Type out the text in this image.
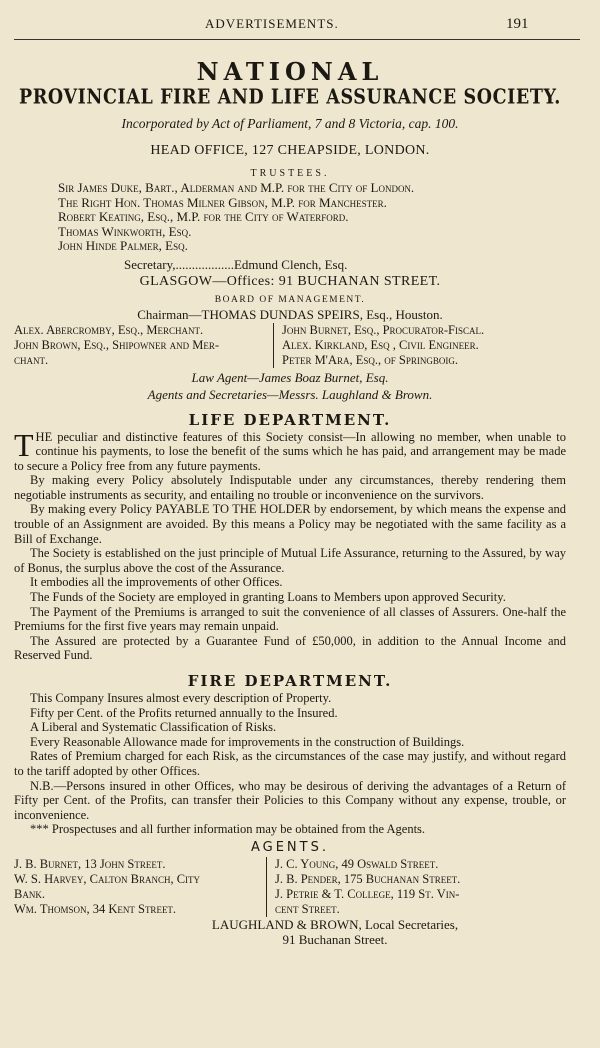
ADVERTISEMENTS.	191
NATIONAL
PROVINCIAL FIRE AND LIFE ASSURANCE SOCIETY.
Incorporated by Act of Parliament, 7 and 8 Victoria, cap. 100.
HEAD OFFICE, 127 CHEAPSIDE, LONDON.
TRUSTEES.
Sir James Duke, Bart., Alderman and M.P. for the City of London.
The Right Hon. Thomas Milner Gibson, M.P. for Manchester.
Robert Keating, Esq., M.P. for the City of Waterford.
Thomas Winkworth, Esq.
John Hinde Palmer, Esq.
Secretary,..................Edmund Clench, Esq.
GLASGOW—Offices: 91 BUCHANAN STREET.
BOARD OF MANAGEMENT.
Chairman—THOMAS DUNDAS SPEIRS, Esq., Houston.
Alex. Abercromby, Esq., Merchant.
John Brown, Esq., Shipowner and Mer-
chant.
John Burnet, Esq., Procurator-Fiscal.
Alex. Kirkland, Esq , Civil Engineer.
Peter M'Ara, Esq., of Springboig.
Law Agent—James Boaz Burnet, Esq.
Agents and Secretaries—Messrs. Laughland & Brown.
LIFE DEPARTMENT.

THE peculiar and distinctive features of this Society consist—In allowing no member, when unable to continue his payments, to lose the benefit of the sums which he has paid, and arrangement may be made to secure a Policy free from any future payments.

By making every Policy absolutely Indisputable under any circumstances, thereby rendering them negotiable instruments as security, and entailing no trouble or inconvenience on the survivors.

By making every Policy PAYABLE TO THE HOLDER by endorsement, by which means the expense and trouble of an Assignment are avoided. By this means a Policy may be negotiated with the same facility as a Bill of Exchange.

The Society is established on the just principle of Mutual Life Assurance, returning to the Assured, by way of Bonus, the surplus above the cost of the Assurance.

It embodies all the improvements of other Offices.

The Funds of the Society are employed in granting Loans to Members upon approved Security.

The Payment of the Premiums is arranged to suit the convenience of all classes of Assurers. One-half the Premiums for the first five years may remain unpaid.

The Assured are protected by a Guarantee Fund of £50,000, in addition to the Annual Income and Reserved Fund.

FIRE DEPARTMENT.

This Company Insures almost every description of Property.

Fifty per Cent. of the Profits returned annually to the Insured.

A Liberal and Systematic Classification of Risks.

Every Reasonable Allowance made for improvements in the construction of Buildings.

Rates of Premium charged for each Risk, as the circumstances of the case may justify, and without regard to the tariff adopted by other Offices.

N.B.—Persons insured in other Offices, who may be desirous of deriving the advantages of a Return of Fifty per Cent. of the Profits, can transfer their Policies to this Company without any expense, trouble, or inconvenience.

*** Prospectuses and all further information may be obtained from the Agents.

AGENTS.
J. B. Burnet, 13 John Street.
W. S. Harvey, Calton Branch, City
Bank.
Wm. Thomson, 34 Kent Street.
J. C. Young, 49 Oswald Street.
J. B. Pender, 175 Buchanan Street.
J. Petrie & T. College, 119 St. Vin-
cent Street.
LAUGHLAND & BROWN, Local Secretaries,
91 Buchanan Street.
